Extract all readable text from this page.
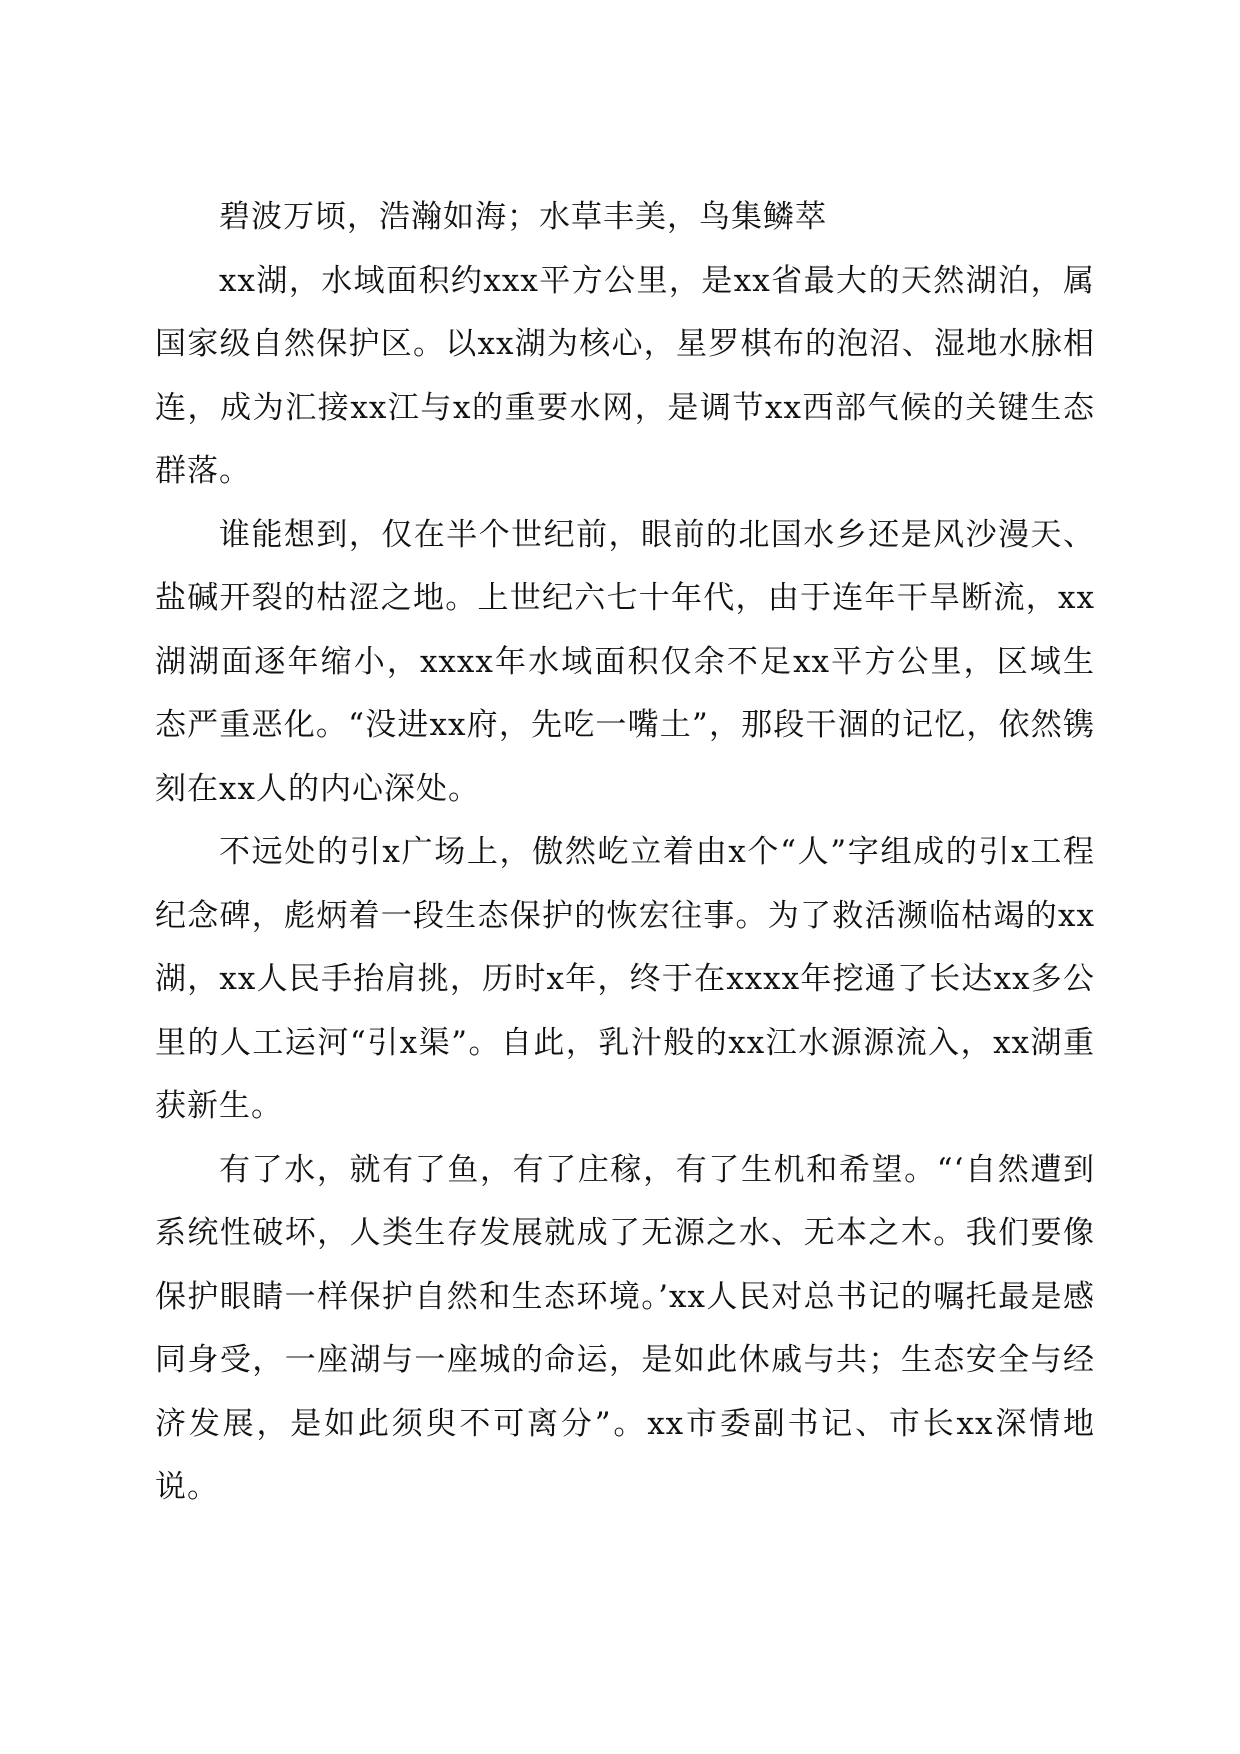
碧波万顷，浩瀚如海；水草丰美，鸟集鳞萃

xx湖，水域面积约xxx平方公里，是xx省最大的天然湖泊，属国家级自然保护区。以xx湖为核心，星罗棋布的泡沼、湿地水脉相连，成为汇接xx江与x的重要水网，是调节xx西部气候的关键生态群落。

谁能想到，仅在半个世纪前，眼前的北国水乡还是风沙漫天、盐碱开裂的枯涩之地。上世纪六七十年代，由于连年干旱断流，xx湖湖面逐年缩小，xxxx年水域面积仅余不足xx平方公里，区域生态严重恶化。“没进xx府，先吃一嘴土”，那段干涸的记忆，依然镌刻在xx人的内心深处。

不远处的引x广场上，傲然屹立着由x个“人”字组成的引x工程纪念碑，彪炳着一段生态保护的恢宏往事。为了救活濒临枯竭的xx湖，xx人民手抬肩挑，历时x年，终于在xxxx年挖通了长达xx多公里的人工运河“引x渠”。自此，乳汁般的xx江水源源流入，xx湖重获新生。

有了水，就有了鱼，有了庄稼，有了生机和希望。“‘自然遭到系统性破坏，人类生存发展就成了无源之水、无本之木。我们要像保护眼睛一样保护自然和生态环境。’xx人民对总书记的嘱托最是感同身受，一座湖与一座城的命运，是如此休戚与共；生态安全与经济发展，是如此须臾不可离分”。xx市委副书记、市长xx深情地说。
